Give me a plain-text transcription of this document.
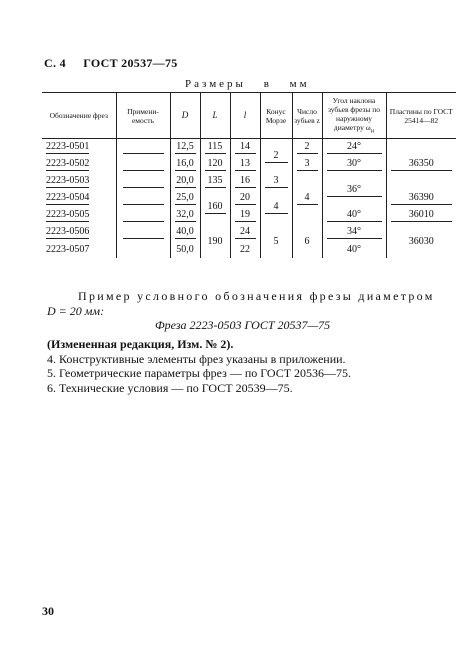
С. 4 ГОСТ 20537—75
Размеры в мм
Обозначение фрез	Примени-емость	D	L	l	Конус Морзе	Число зубьев z	Угол наклона зубьев фрезы по наружному диаметру $\omega_н$	Пластины по ГОСТ 25414—82
2223-0501		12,5	115	14	2	2	24°	36350

2223-0502		16,0	120	13		3	30°	

2223-0503		20,0	135	16	3	4	36°	

2223-0504		25,0	160	20	4			36390

2223-0505		32,0		19			40°	36010

2223-0506		40,0	190	24	5	6	34°	36030
2223-0507		50,0		22			40°	
Пример условного обозначения фрезы диаметром
D = 20 мм:
Фреза 2223-0503 ГОСТ 20537—75
(Измененная редакция, Изм. № 2).
4. Конструктивные элементы фрез указаны в приложении.
5. Геометрические параметры фрез — по ГОСТ 20536—75.
6. Технические условия — по ГОСТ 20539—75.
30
